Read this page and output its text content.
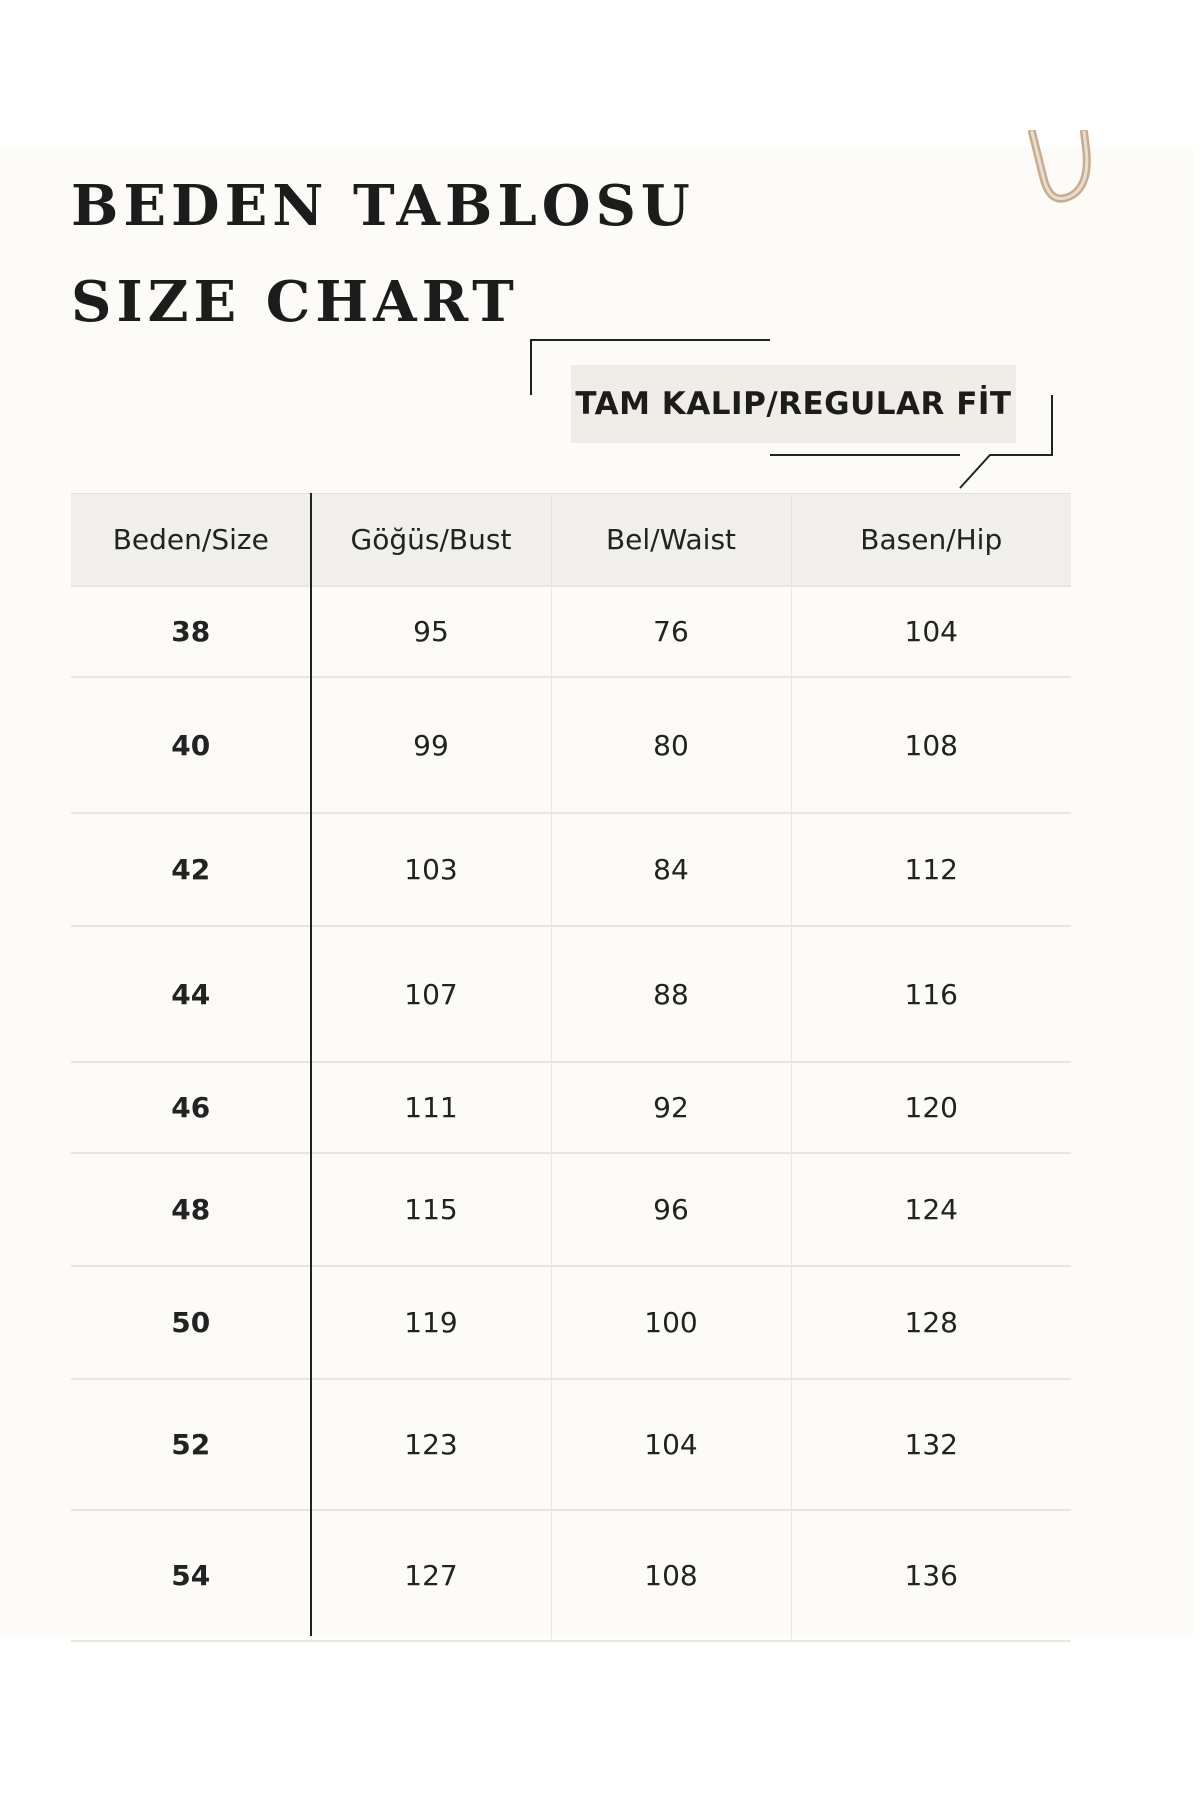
BEDEN TABLOSU
SIZE CHART
TAM KALIP/REGULAR FİT
Beden/Size	Göğüs/Bust	Bel/Waist	Basen/Hip
38	95	76	104
40	99	80	108
42	103	84	112
44	107	88	116
46	111	92	120
48	115	96	124
50	119	100	128
52	123	104	132
54	127	108	136
